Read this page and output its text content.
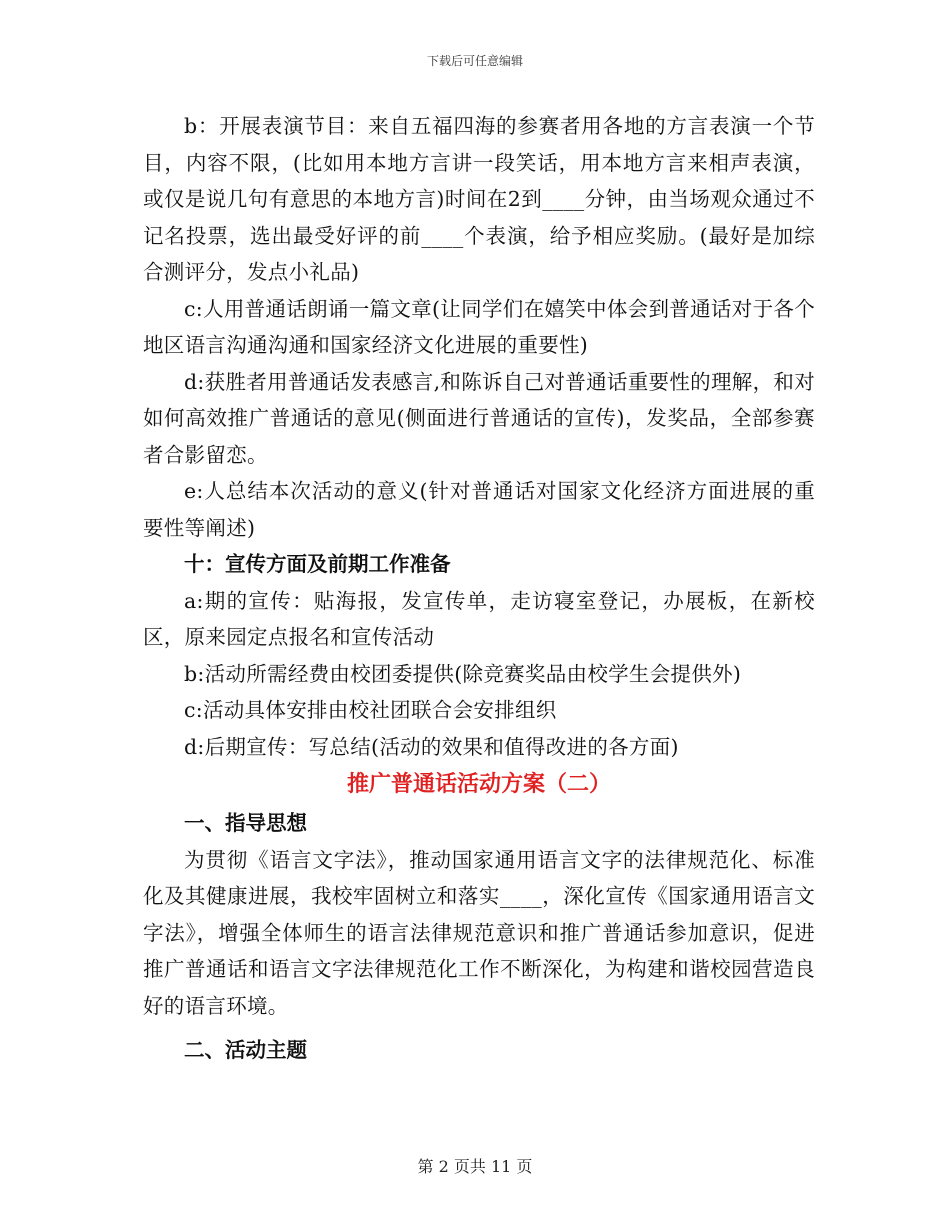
下载后可任意编辑

b：开展表演节目：来自五福四海的参赛者用各地的方言表演一个节目，内容不限，(比如用本地方言讲一段笑话，用本地方言来相声表演，或仅是说几句有意思的本地方言)时间在2到____分钟，由当场观众通过不记名投票，选出最受好评的前____个表演，给予相应奖励。(最好是加综合测评分，发点小礼品)

c:人用普通话朗诵一篇文章(让同学们在嬉笑中体会到普通话对于各个地区语言沟通沟通和国家经济文化进展的重要性)

d:获胜者用普通话发表感言,和陈诉自己对普通话重要性的理解，和对如何高效推广普通话的意见(侧面进行普通话的宣传)，发奖品，全部参赛者合影留恋。

e:人总结本次活动的意义(针对普通话对国家文化经济方面进展的重要性等阐述)

十：宣传方面及前期工作准备

a:期的宣传：贴海报，发宣传单，走访寝室登记，办展板，在新校区，原来园定点报名和宣传活动

b:活动所需经费由校团委提供(除竞赛奖品由校学生会提供外)

c:活动具体安排由校社团联合会安排组织

d:后期宣传：写总结(活动的效果和值得改进的各方面)

推广普通话活动方案（二）

一、指导思想

为贯彻《语言文字法》，推动国家通用语言文字的法律规范化、标准化及其健康进展，我校牢固树立和落实____，深化宣传《国家通用语言文字法》，增强全体师生的语言法律规范意识和推广普通话参加意识，促进推广普通话和语言文字法律规范化工作不断深化，为构建和谐校园营造良好的语言环境。

二、活动主题

第 2 页共 11 页
